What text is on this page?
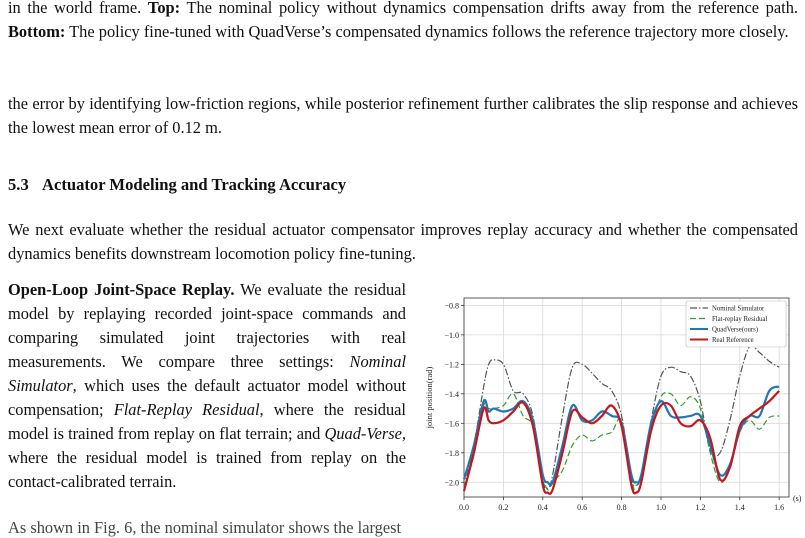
in the world frame. Top: The nominal policy without dynamics compensation drifts away from the reference path. Bottom: The policy fine-tuned with QuadVerse’s compensated dynamics follows the reference trajectory more closely.

the error by identifying low-friction regions, while posterior refinement further calibrates the slip response and achieves the lowest mean error of 0.12 m.

5.3 Actuator Modeling and Tracking Accuracy

We next evaluate whether the residual actuator compensator improves replay accuracy and whether the compensated dynamics benefits downstream locomotion policy fine-tuning.

Open-Loop Joint-Space Replay. We evaluate the residual model by replaying recorded joint-space commands and comparing simulated joint trajectories with real measurements. We compare three settings: Nominal Simulator, which uses the default actuator model without compensation; Flat-Replay Residual, where the residual model is trained from replay on flat terrain; and Quad-Verse, where the residual model is trained from replay on the contact-calibrated terrain.

As shown in Fig. 6, the nominal simulator shows the largest
0.0	0.2	0.4	0.6	0.8	1.0	1.2	1.4	1.6
−0.8
−1.0
−1.2
−1.4
−1.6
−1.8
−2.0
(s)
joint position(rad)
Nominal Simulator
Flat-replay Residual
QuadVerse(ours)
Real Reference
